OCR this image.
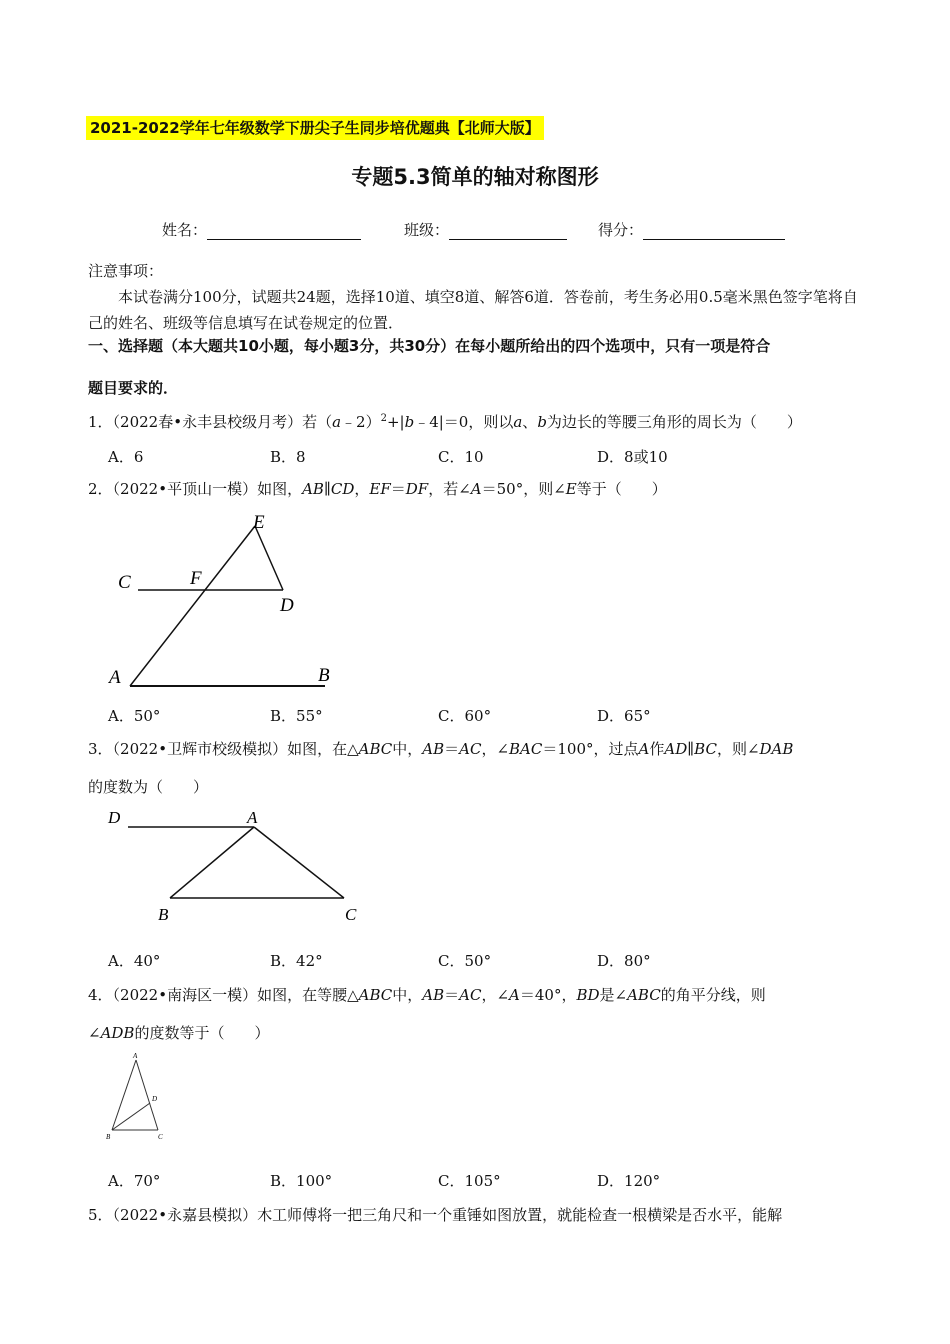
2021-2022学年七年级数学下册尖子生同步培优题典【北师大版】
专题5.3简单的轴对称图形
姓名：	班级：	得分：
注意事项：
本试卷满分100分，试题共24题，选择10道、填空8道、解答6道．答卷前，考生务必用0.5毫米黑色签字笔将自己的姓名、班级等信息填写在试卷规定的位置．
一、选择题（本大题共10小题，每小题3分，共30分）在每小题所给出的四个选项中，只有一项是符合
题目要求的．
1．（2022春•永丰县校级月考）若（a﹣2）$^2$+|b﹣4|＝0，则以a、b为边长的等腰三角形的周长为（　　）
A．6	B．8	C．10	D．8或10
2．（2022•平顶山一模）如图，AB∥CD，EF＝DF，若∠A＝50°，则∠E等于（　　）
E
C	F
D
A	B
A．50°	B．55°	C．60°	D．65°
3．（2022•卫辉市校级模拟）如图，在△ABC中，AB＝AC，∠BAC＝100°，过点A作AD∥BC，则∠DAB
的度数为（　　）
D	A
B	C
A．40°	B．42°	C．50°	D．80°
4．（2022•南海区一模）如图，在等腰△ABC中，AB＝AC，∠A＝40°，BD是∠ABC的角平分线，则
∠ADB的度数等于（　　）
A
D
B	C
A．70°	B．100°	C．105°	D．120°
5．（2022•永嘉县模拟）木工师傅将一把三角尺和一个重锤如图放置，就能检查一根横梁是否水平，能解
